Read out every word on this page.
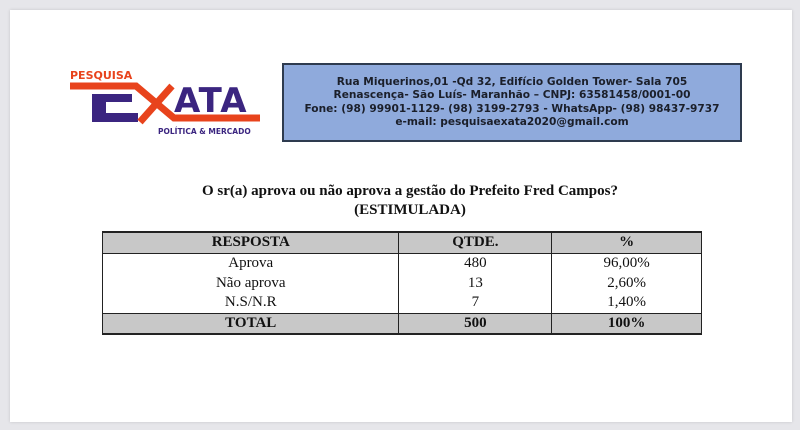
PESQUISA
ATA
POLÍTICA & MERCADO
Rua Miquerinos,01 -Qd 32, Edifício Golden Tower- Sala 705
Renascença- São Luís- Maranhão – CNPJ: 63581458/0001-00
Fone: (98) 99901-1129- (98) 3199-2793 - WhatsApp- (98) 98437-9737
e-mail: pesquisaexata2020@gmail.com
O sr(a) aprova ou não aprova a gestão do Prefeito Fred Campos?
(ESTIMULADA)
RESPOSTA	QTDE.	%
Aprova	480	96,00%
Não aprova	13	2,60%
N.S/N.R	7	1,40%
TOTAL	500	100%
